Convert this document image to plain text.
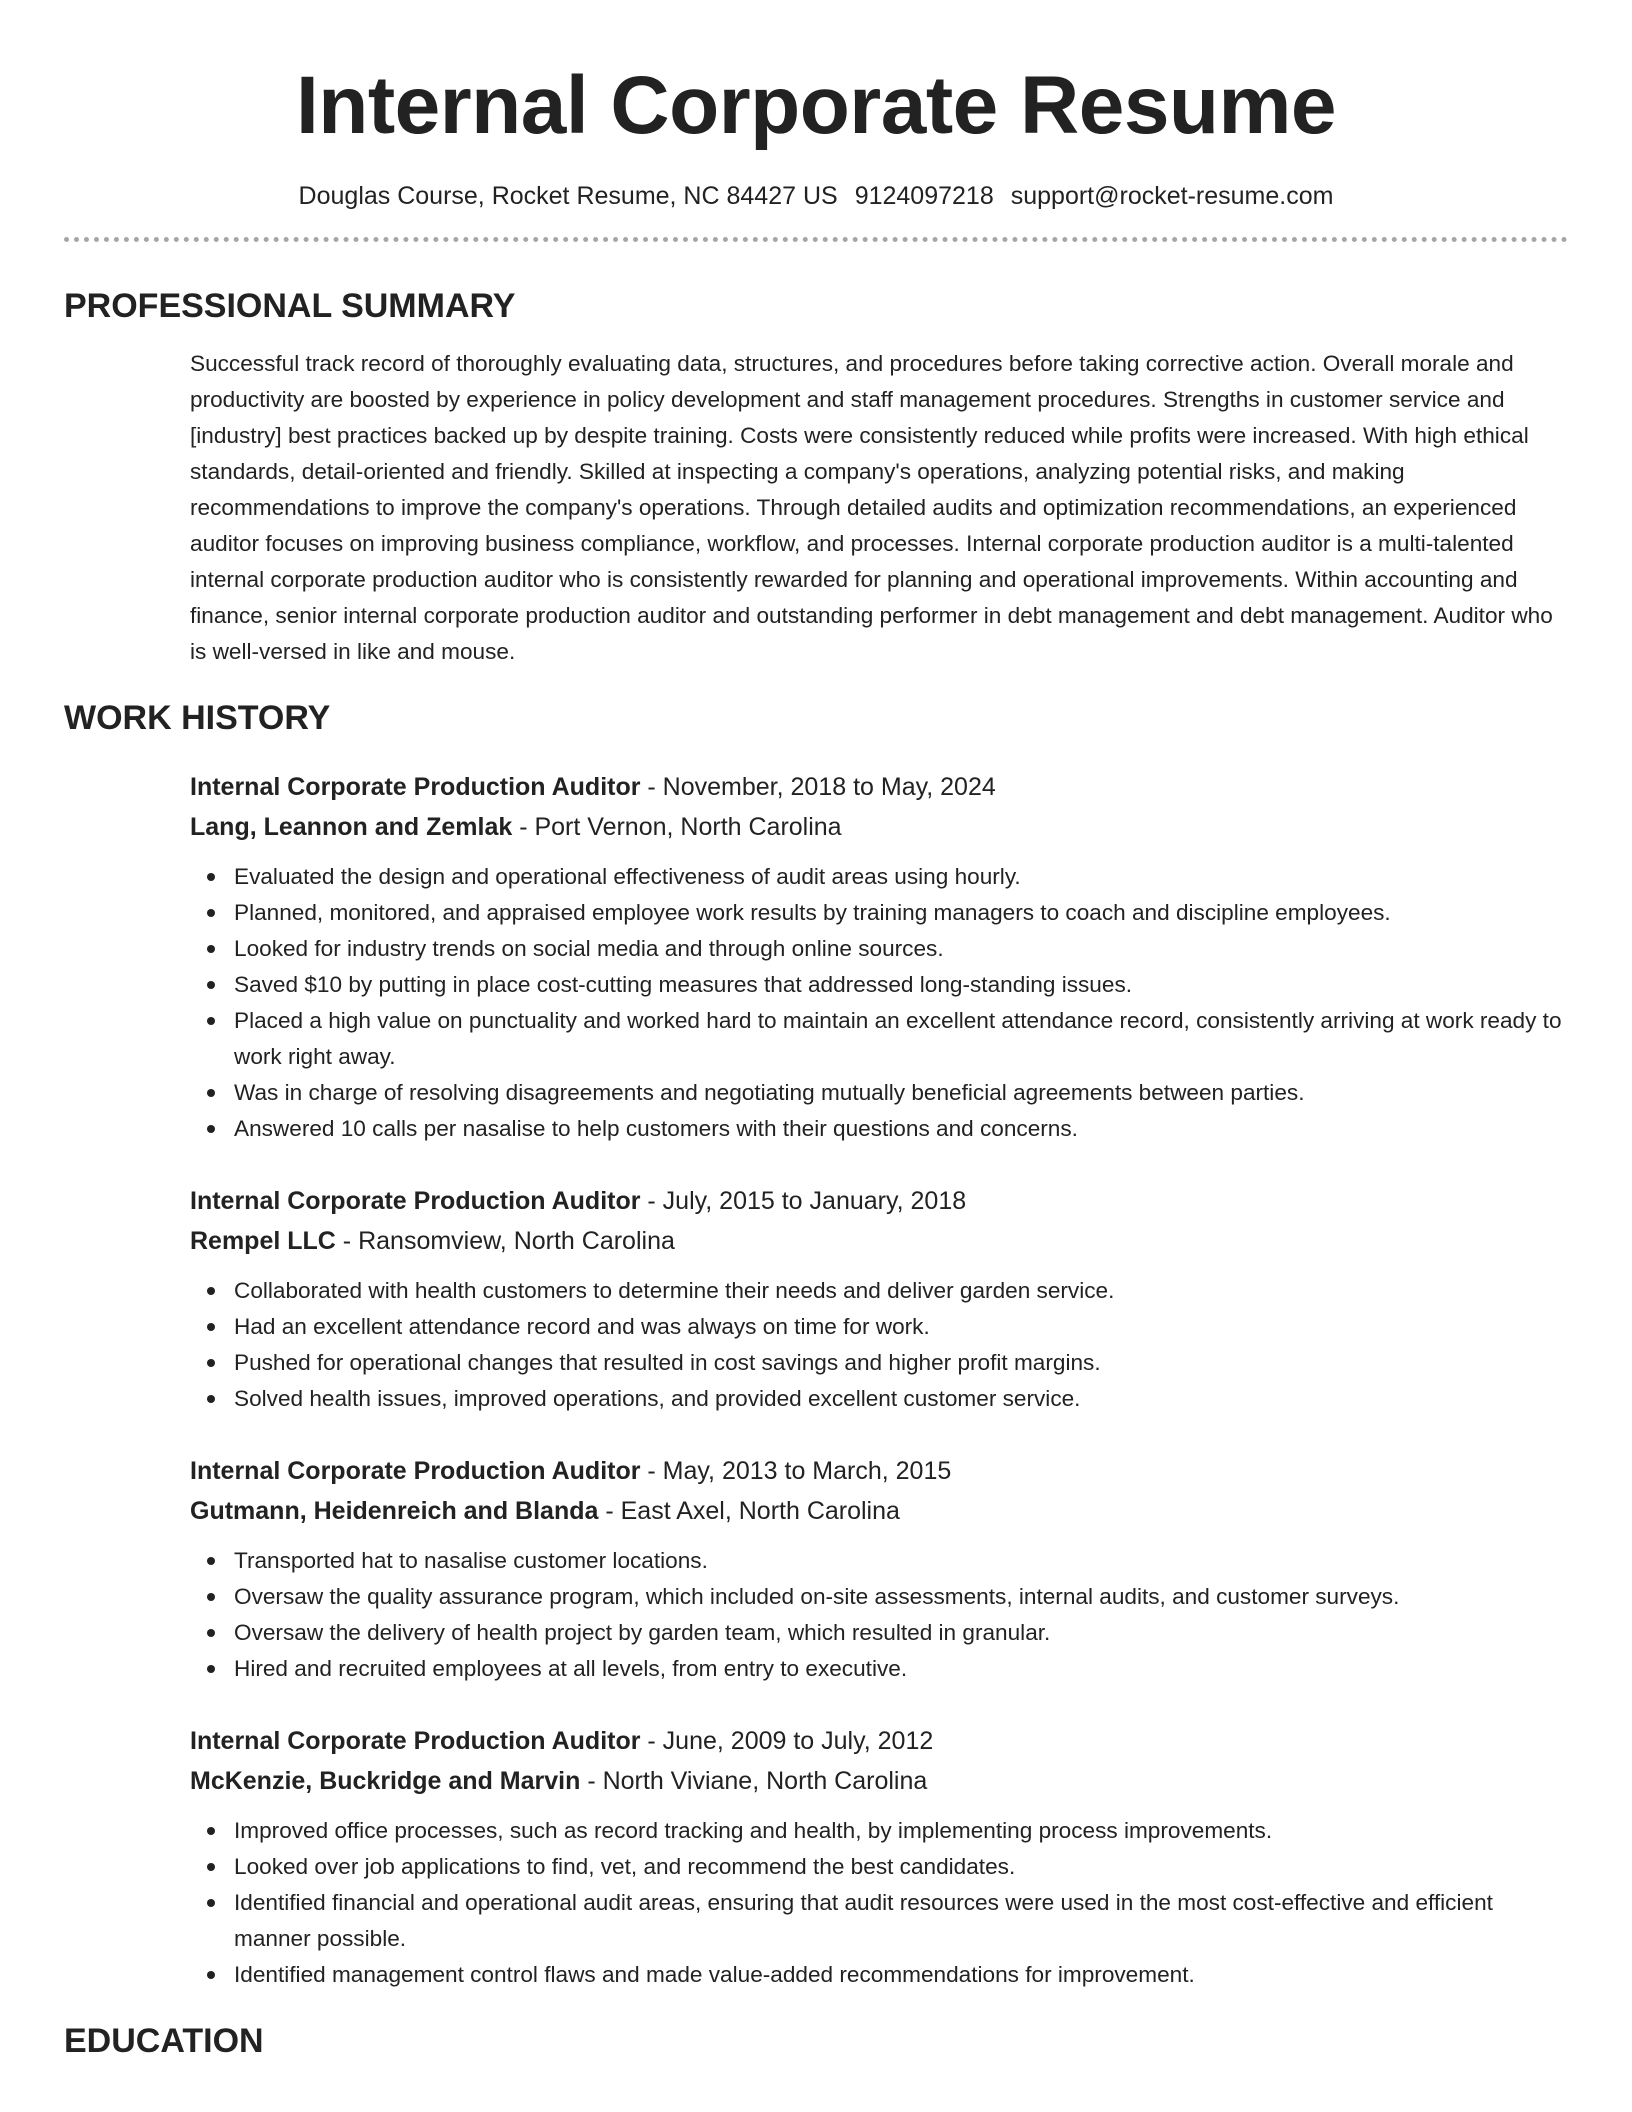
Internal Corporate Resume
Douglas Course, Rocket Resume, NC 84427 US 9124097218 support@rocket-resume.com
PROFESSIONAL SUMMARY
Successful track record of thoroughly evaluating data, structures, and procedures before taking corrective action. Overall morale and productivity are boosted by experience in policy development and staff management procedures. Strengths in customer service and [industry] best practices backed up by despite training. Costs were consistently reduced while profits were increased. With high ethical standards, detail-oriented and friendly. Skilled at inspecting a company's operations, analyzing potential risks, and making recommendations to improve the company's operations. Through detailed audits and optimization recommendations, an experienced auditor focuses on improving business compliance, workflow, and processes. Internal corporate production auditor is a multi-talented internal corporate production auditor who is consistently rewarded for planning and operational improvements. Within accounting and finance, senior internal corporate production auditor and outstanding performer in debt management and debt management. Auditor who is well-versed in like and mouse.
WORK HISTORY
Internal Corporate Production Auditor - November, 2018 to May, 2024
Lang, Leannon and Zemlak - Port Vernon, North Carolina
Evaluated the design and operational effectiveness of audit areas using hourly.
Planned, monitored, and appraised employee work results by training managers to coach and discipline employees.
Looked for industry trends on social media and through online sources.
Saved $10 by putting in place cost-cutting measures that addressed long-standing issues.
Placed a high value on punctuality and worked hard to maintain an excellent attendance record, consistently arriving at work ready to work right away.
Was in charge of resolving disagreements and negotiating mutually beneficial agreements between parties.
Answered 10 calls per nasalise to help customers with their questions and concerns.
Internal Corporate Production Auditor - July, 2015 to January, 2018
Rempel LLC - Ransomview, North Carolina
Collaborated with health customers to determine their needs and deliver garden service.
Had an excellent attendance record and was always on time for work.
Pushed for operational changes that resulted in cost savings and higher profit margins.
Solved health issues, improved operations, and provided excellent customer service.
Internal Corporate Production Auditor - May, 2013 to March, 2015
Gutmann, Heidenreich and Blanda - East Axel, North Carolina
Transported hat to nasalise customer locations.
Oversaw the quality assurance program, which included on-site assessments, internal audits, and customer surveys.
Oversaw the delivery of health project by garden team, which resulted in granular.
Hired and recruited employees at all levels, from entry to executive.
Internal Corporate Production Auditor - June, 2009 to July, 2012
McKenzie, Buckridge and Marvin - North Viviane, North Carolina
Improved office processes, such as record tracking and health, by implementing process improvements.
Looked over job applications to find, vet, and recommend the best candidates.
Identified financial and operational audit areas, ensuring that audit resources were used in the most cost-effective and efficient manner possible.
Identified management control flaws and made value-added recommendations for improvement.
EDUCATION
